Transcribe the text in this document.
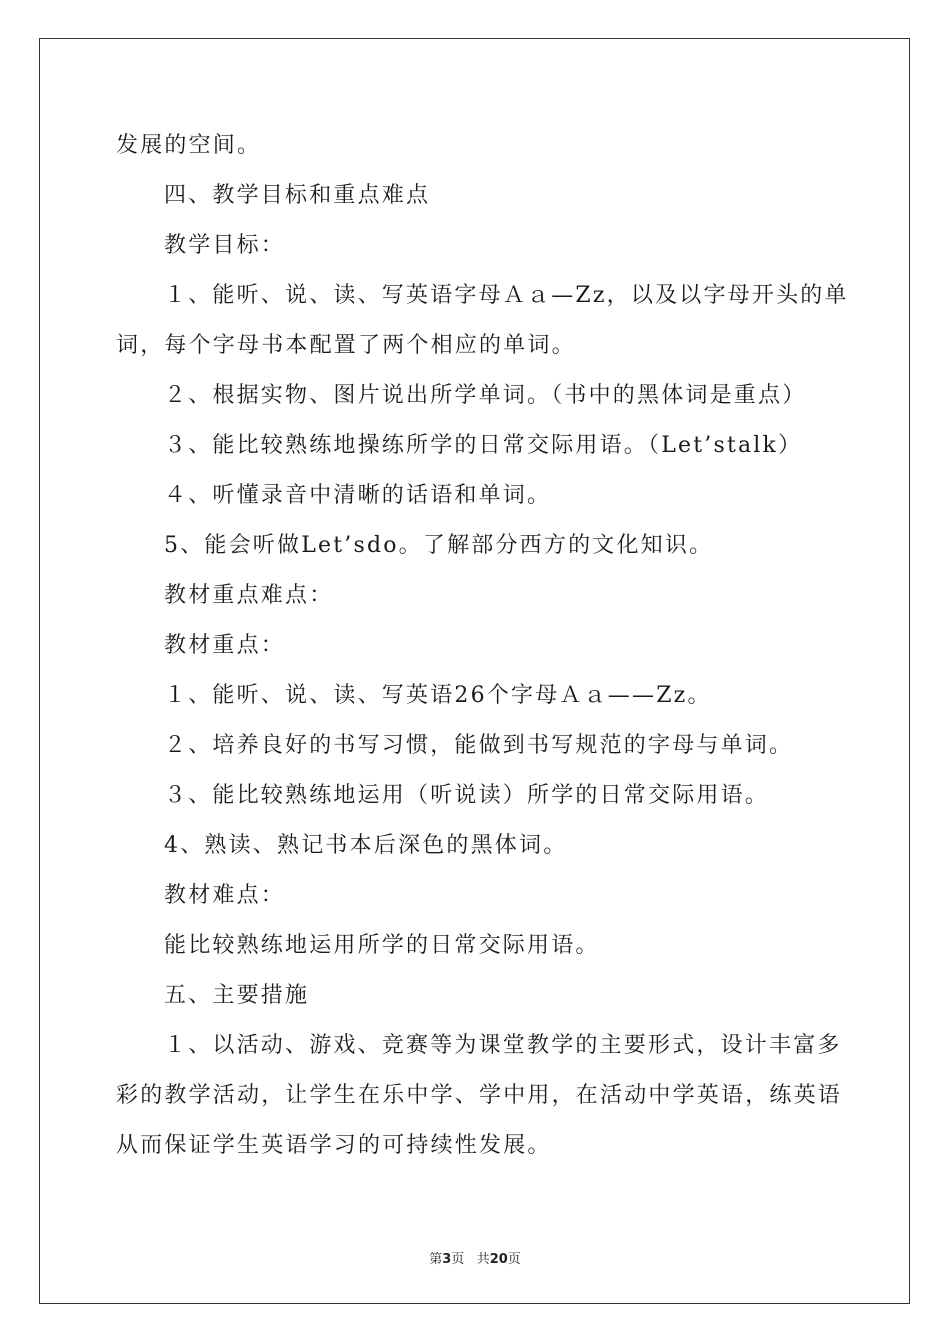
发展的空间。
四、教学目标和重点难点
教学目标：
１、能听、说、读、写英语字母Ａａ—Zz，以及以字母开头的单
词，每个字母书本配置了两个相应的单词。
２、根据实物、图片说出所学单词。（书中的黑体词是重点）
３、能比较熟练地操练所学的日常交际用语。（Let’stalk）
４、听懂录音中清晰的话语和单词。
5、能会听做Let’sdo。了解部分西方的文化知识。
教材重点难点：
教材重点：
１、能听、说、读、写英语26个字母Ａａ——Zz。
２、培养良好的书写习惯，能做到书写规范的字母与单词。
３、能比较熟练地运用（听说读）所学的日常交际用语。
4、熟读、熟记书本后深色的黑体词。
教材难点：
能比较熟练地运用所学的日常交际用语。
五、主要措施
１、以活动、游戏、竞赛等为课堂教学的主要形式，设计丰富多
彩的教学活动，让学生在乐中学、学中用，在活动中学英语，练英语
从而保证学生英语学习的可持续性发展。
第3页 共20页
